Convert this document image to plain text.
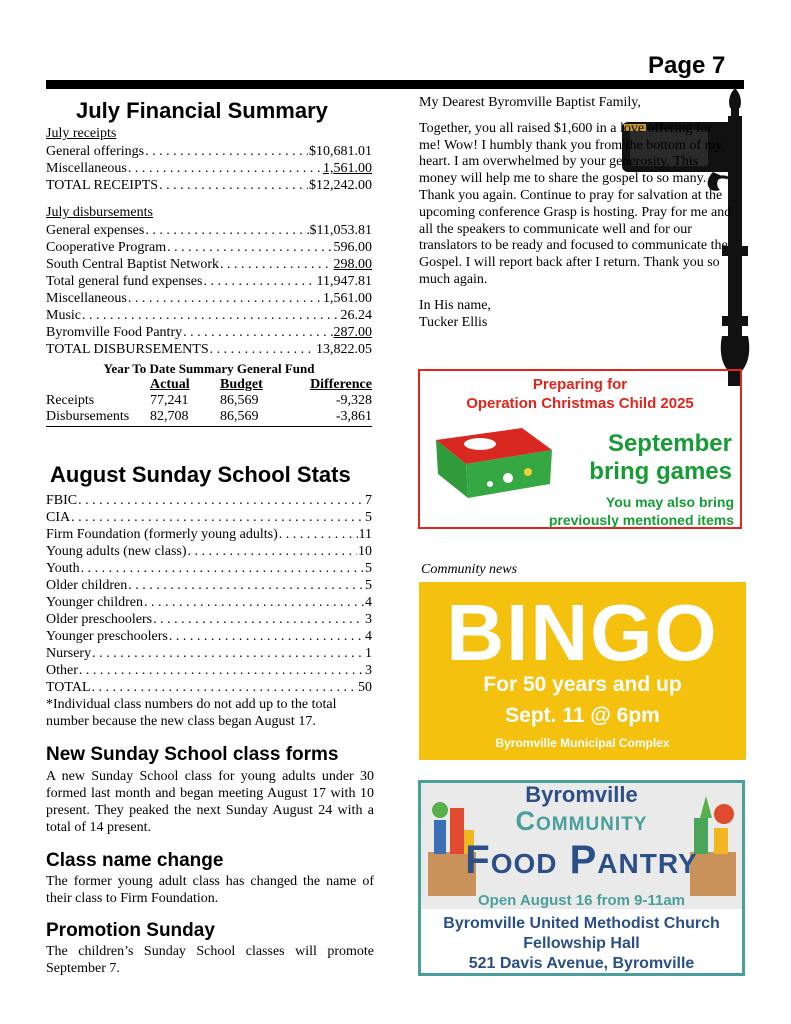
Page 7
July Financial Summary
July receipts
General offerings . . .	$10,681.01
Miscellaneous . . .	1,561.00
TOTAL RECEIPTS . . .	$12,242.00
July disbursements
General expenses . . .	$11,053.81
Cooperative Program . . .	596.00
South Central Baptist Network . . .	298.00
Total general fund expenses . . .	11,947.81
Miscellaneous . . .	1,561.00
Music . . .	26.24
Byromville Food Pantry . . .	287.00
TOTAL DISBURSEMENTS . . .	13,822.05
Year To Date Summary General Fund
	Actual	Budget	Difference
Receipts	77,241	86,569	-9,328
Disbursements	82,708	86,569	-3,861
August Sunday School Stats
FBIC . . .	7
CIA . . .	5
Firm Foundation (formerly young adults) . . .	11
Young adults (new class) . . .	10
Youth . . .	5
Older children . . .	5
Younger children . . .	4
Older preschoolers . . .	3
Younger preschoolers . . .	4
Nursery . . .	1
Other . . .	3
TOTAL . . .	50
*Individual class numbers do not add up to the total number because the new class began August 17.
New Sunday School class forms
A new Sunday School class for young adults under 30 formed last month and began meeting August 17 with 10 present. They peaked the next Sunday August 24 with a total of 14 present.
Class name change
The former young adult class has changed the name of their class to Firm Foundation.
Promotion Sunday
The children’s Sunday School classes will promote September 7.

My Dearest Byromville Baptist Family,

Together, you all raised $1,600 in a love offering for me! Wow! I humbly thank you from the bottom of my heart. I am overwhelmed by your generosity. This money will help me to share the gospel to so many. Thank you again. Continue to pray for salvation at the upcoming conference Grasp is hosting. Pray for me and all the speakers to communicate well and for our translators to be ready and focused to communicate the Gospel. I will report back after I return. Thank you so much again.

In His name,
Tucker Ellis
Preparing for
Operation Christmas Child 2025
September
bring games
You may also bring
previously mentioned items
Community news
BINGO
For 50 years and up
Sept. 11 @ 6pm
Byromville Municipal Complex
Byromville
Community
Food Pantry
Open August 16 from 9-11am
Byromville United Methodist Church
Fellowship Hall
521 Davis Avenue, Byromville
